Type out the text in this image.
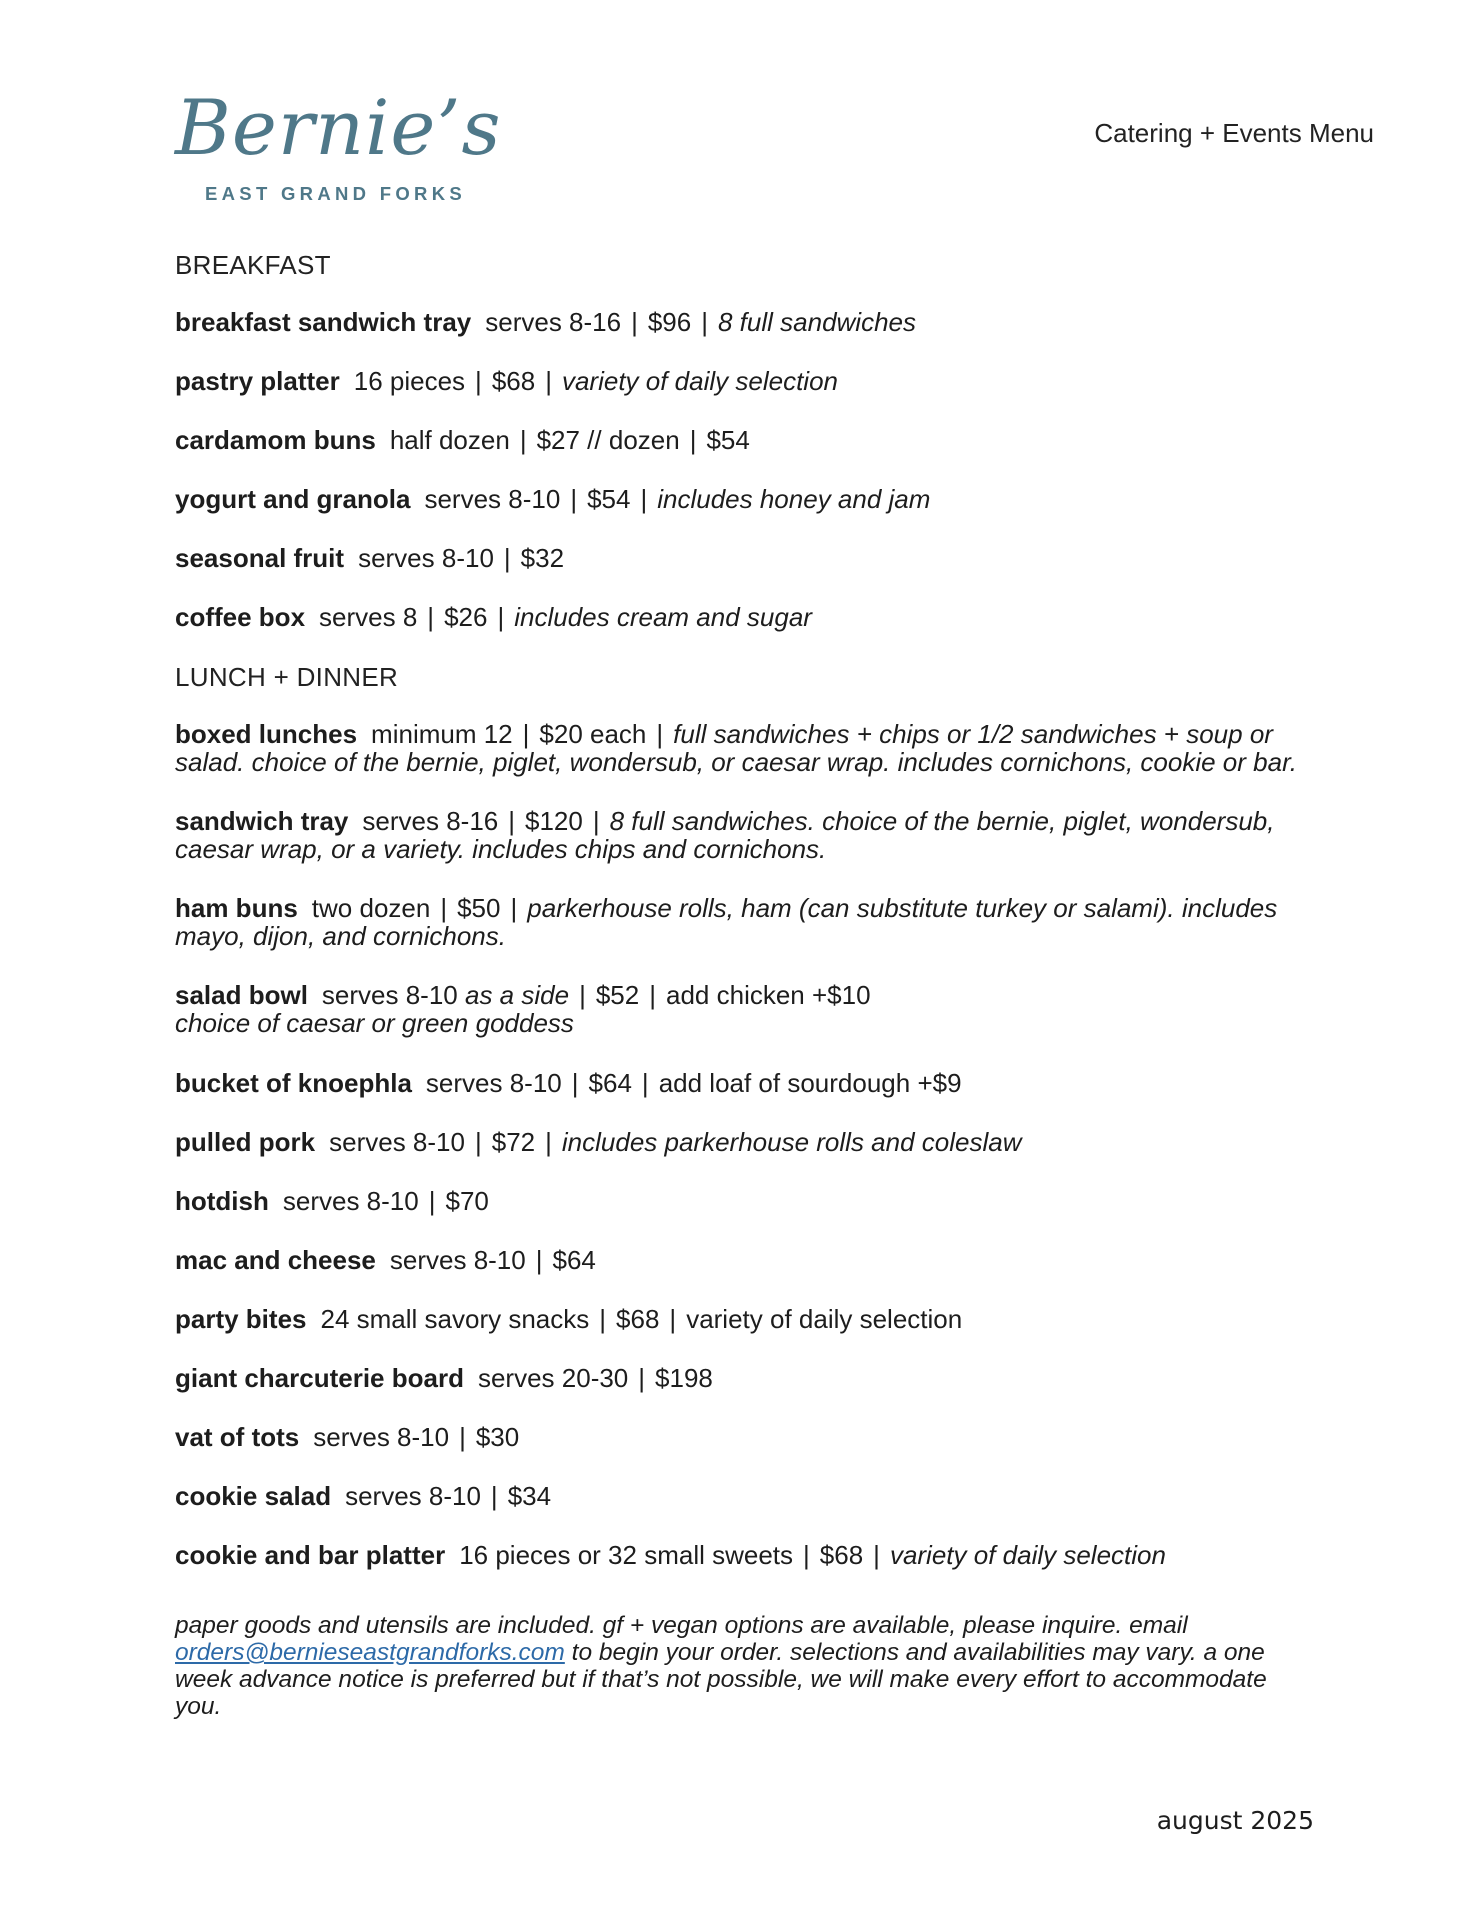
Bernie’s
EAST GRAND FORKS
Catering + Events Menu
BREAKFAST
breakfast sandwich tray serves 8-16 | $96 | 8 full sandwiches
pastry platter 16 pieces | $68 | variety of daily selection
cardamom buns half dozen | $27 // dozen | $54
yogurt and granola serves 8-10 | $54 | includes honey and jam
seasonal fruit serves 8-10 | $32
coffee box serves 8 | $26 | includes cream and sugar
LUNCH + DINNER
boxed lunches minimum 12 | $20 each | full sandwiches + chips or 1/2 sandwiches + soup or salad. choice of the bernie, piglet, wondersub, or caesar wrap. includes cornichons, cookie or bar.
sandwich tray serves 8-16 | $120 | 8 full sandwiches. choice of the bernie, piglet, wondersub, caesar wrap, or a variety. includes chips and cornichons.
ham buns two dozen | $50 | parkerhouse rolls, ham (can substitute turkey or salami). includes mayo, dijon, and cornichons.
salad bowl serves 8-10 as a side | $52 | add chicken +$10
choice of caesar or green goddess
bucket of knoephla serves 8-10 | $64 | add loaf of sourdough +$9
pulled pork serves 8-10 | $72 | includes parkerhouse rolls and coleslaw
hotdish serves 8-10 | $70
mac and cheese serves 8-10 | $64
party bites 24 small savory snacks | $68 | variety of daily selection
giant charcuterie board serves 20-30 | $198
vat of tots serves 8-10 | $30
cookie salad serves 8-10 | $34
cookie and bar platter 16 pieces or 32 small sweets | $68 | variety of daily selection
paper goods and utensils are included. gf + vegan options are available, please inquire. email orders@bernieseastgrandforks.com to begin your order. selections and availabilities may vary. a one week advance notice is preferred but if that’s not possible, we will make every effort to accommodate you.
august 2025
